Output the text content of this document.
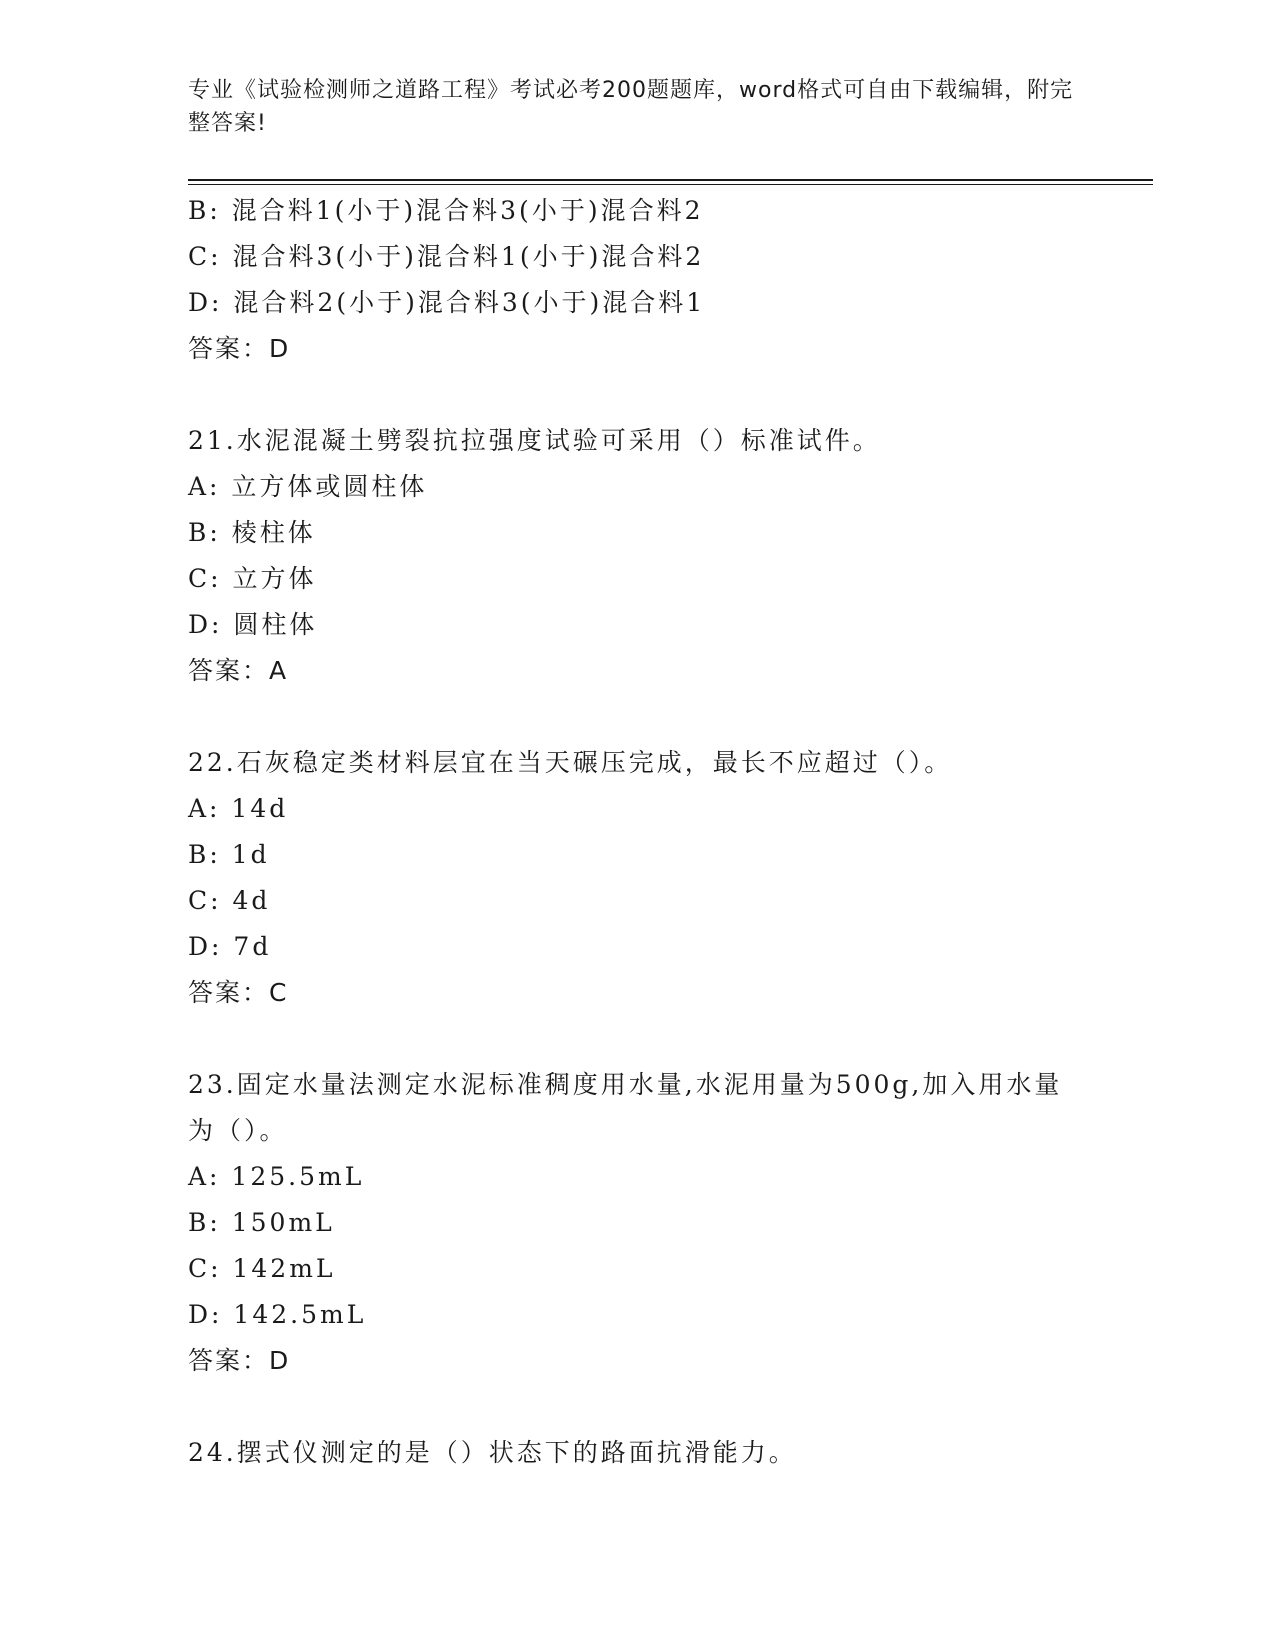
专业《试验检测师之道路工程》考试必考200题题库，word格式可自由下载编辑，附完整答案!
B: 混合料1(小于)混合料3(小于)混合料2
C: 混合料3(小于)混合料1(小于)混合料2
D: 混合料2(小于)混合料3(小于)混合料1
答案：D
21.水泥混凝土劈裂抗拉强度试验可采用（）标准试件。
A: 立方体或圆柱体
B: 棱柱体
C: 立方体
D: 圆柱体
答案：A
22.石灰稳定类材料层宜在当天碾压完成，最长不应超过（）。
A: 14d
B: 1d
C: 4d
D: 7d
答案：C
23.固定水量法测定水泥标准稠度用水量,水泥用量为500g,加入用水量为（）。
A: 125.5mL
B: 150mL
C: 142mL
D: 142.5mL
答案：D
24.摆式仪测定的是（）状态下的路面抗滑能力。
